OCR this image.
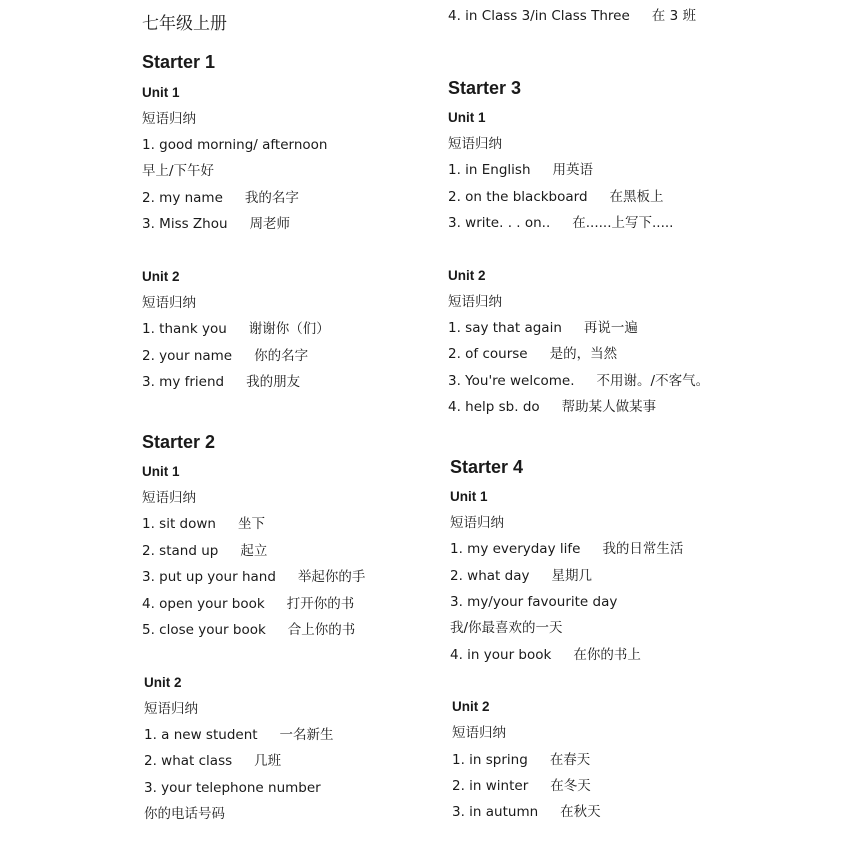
七年级上册
Starter 1
Unit 1
短语归纳
1. good morning/ afternoon
早上/下午好
2. my name 我的名字
3. Miss Zhou 周老师
Unit 2
短语归纳
1. thank you 谢谢你（们）
2. your name 你的名字
3. my friend 我的朋友
Starter 2
Unit 1
短语归纳
1. sit down 坐下
2. stand up 起立
3. put up your hand 举起你的手
4. open your book 打开你的书
5. close your book 合上你的书
Unit 2
短语归纳
1. a new student 一名新生
2. what class 几班
3. your telephone number
你的电话号码
4. in Class 3/in Class Three 在 3 班
Starter 3
Unit 1
短语归纳
1. in English 用英语
2. on the blackboard 在黑板上
3. write. . . on.. 在......上写下.....
Unit 2
短语归纳
1. say that again 再说一遍
2. of course 是的，当然
3. You're welcome. 不用谢。/不客气。
4. help sb. do 帮助某人做某事
Starter 4
Unit 1
短语归纳
1. my everyday life 我的日常生活
2. what day 星期几
3. my/your favourite day
我/你最喜欢的一天
4. in your book 在你的书上
Unit 2
短语归纳
1. in spring 在春天
2. in winter 在冬天
3. in autumn 在秋天
